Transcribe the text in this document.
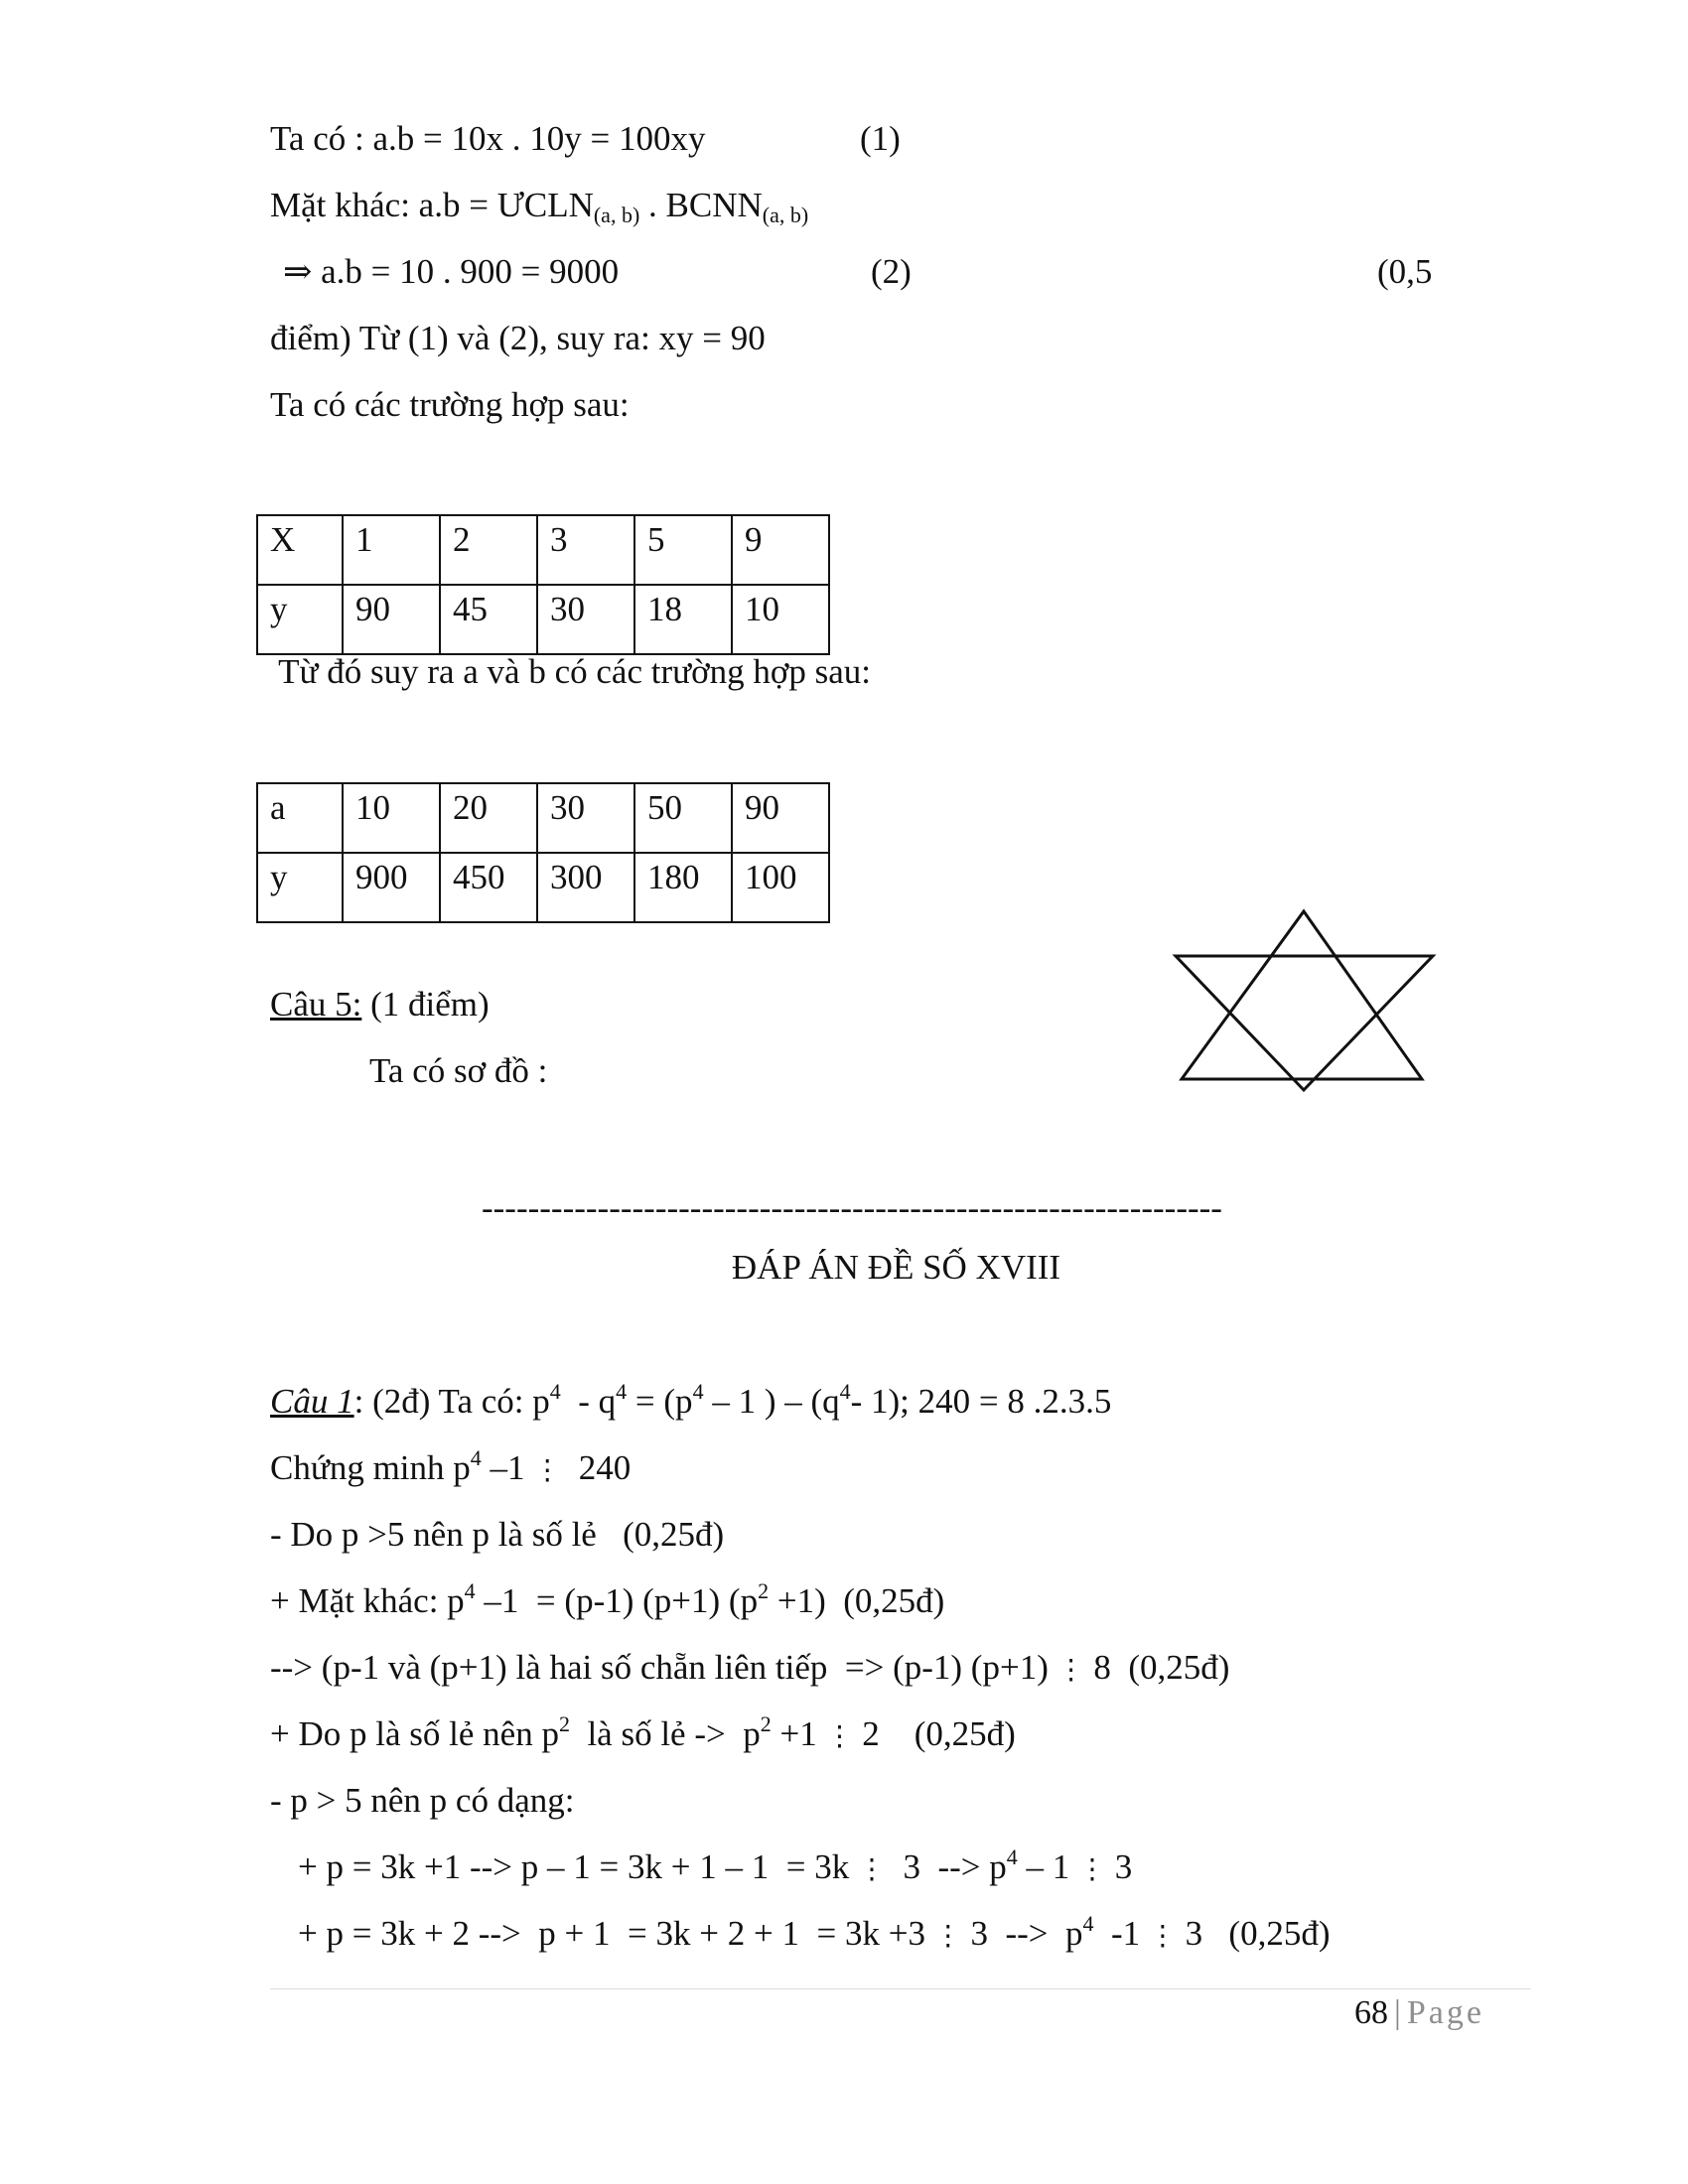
Ta có : a.b = 10x . 10y = 100xy	(1)
Mặt khác: $a.b = ƯCLN_{(a, b)}$ . $BCNN_{(a, b)}$
⇒ a.b = 10 . 900 = 9000	(2)	(0,5
điểm) Từ (1) và (2), suy ra: xy = 90
Ta có các trường hợp sau:
X	1	2	3	5	9
y	90	45	30	18	10
Từ đó suy ra a và b có các trường hợp sau:
a	10	20	30	50	90
y	900	450	300	180	100
Câu 5: (1 điểm)
Ta có sơ đồ :
----------------------------------------------------------------
ĐÁP ÁN ĐỀ SỐ XVIII
Câu 1: (2đ) Ta có: $p^4 - q^4 = (p^4 - 1$ ) – ($q^4-$ 1); 240 = 8 .2.3.5
Chứng minh $p^4$ –1 ⋮  240
- Do p >5 nên p là số lẻ   (0,25đ)
+ Mặt khác: $p^4$ –1  = (p-1) (p+1) $(p^2 +1)$  (0,25đ)
--> (p-1 và (p+1) là hai số chẵn liên tiếp  => (p-1) (p+1) ⋮ 8  (0,25đ)
+ Do p là số lẻ nên $p^2$  là số lẻ ->  $p^2 +1$ ⋮ 2    (0,25đ)
- p > 5 nên p có dạng:
+ p = 3k +1 --> p – 1 = 3k + 1 – 1  = 3k ⋮  3  --> $p^4 - 1$ ⋮ 3
+ p = 3k + 2 -->  p + 1  = 3k + 2 + 1  = 3k +3 ⋮ 3  -->  $p^4$  -1 ⋮ 3   (0,25đ)
68 | Page
